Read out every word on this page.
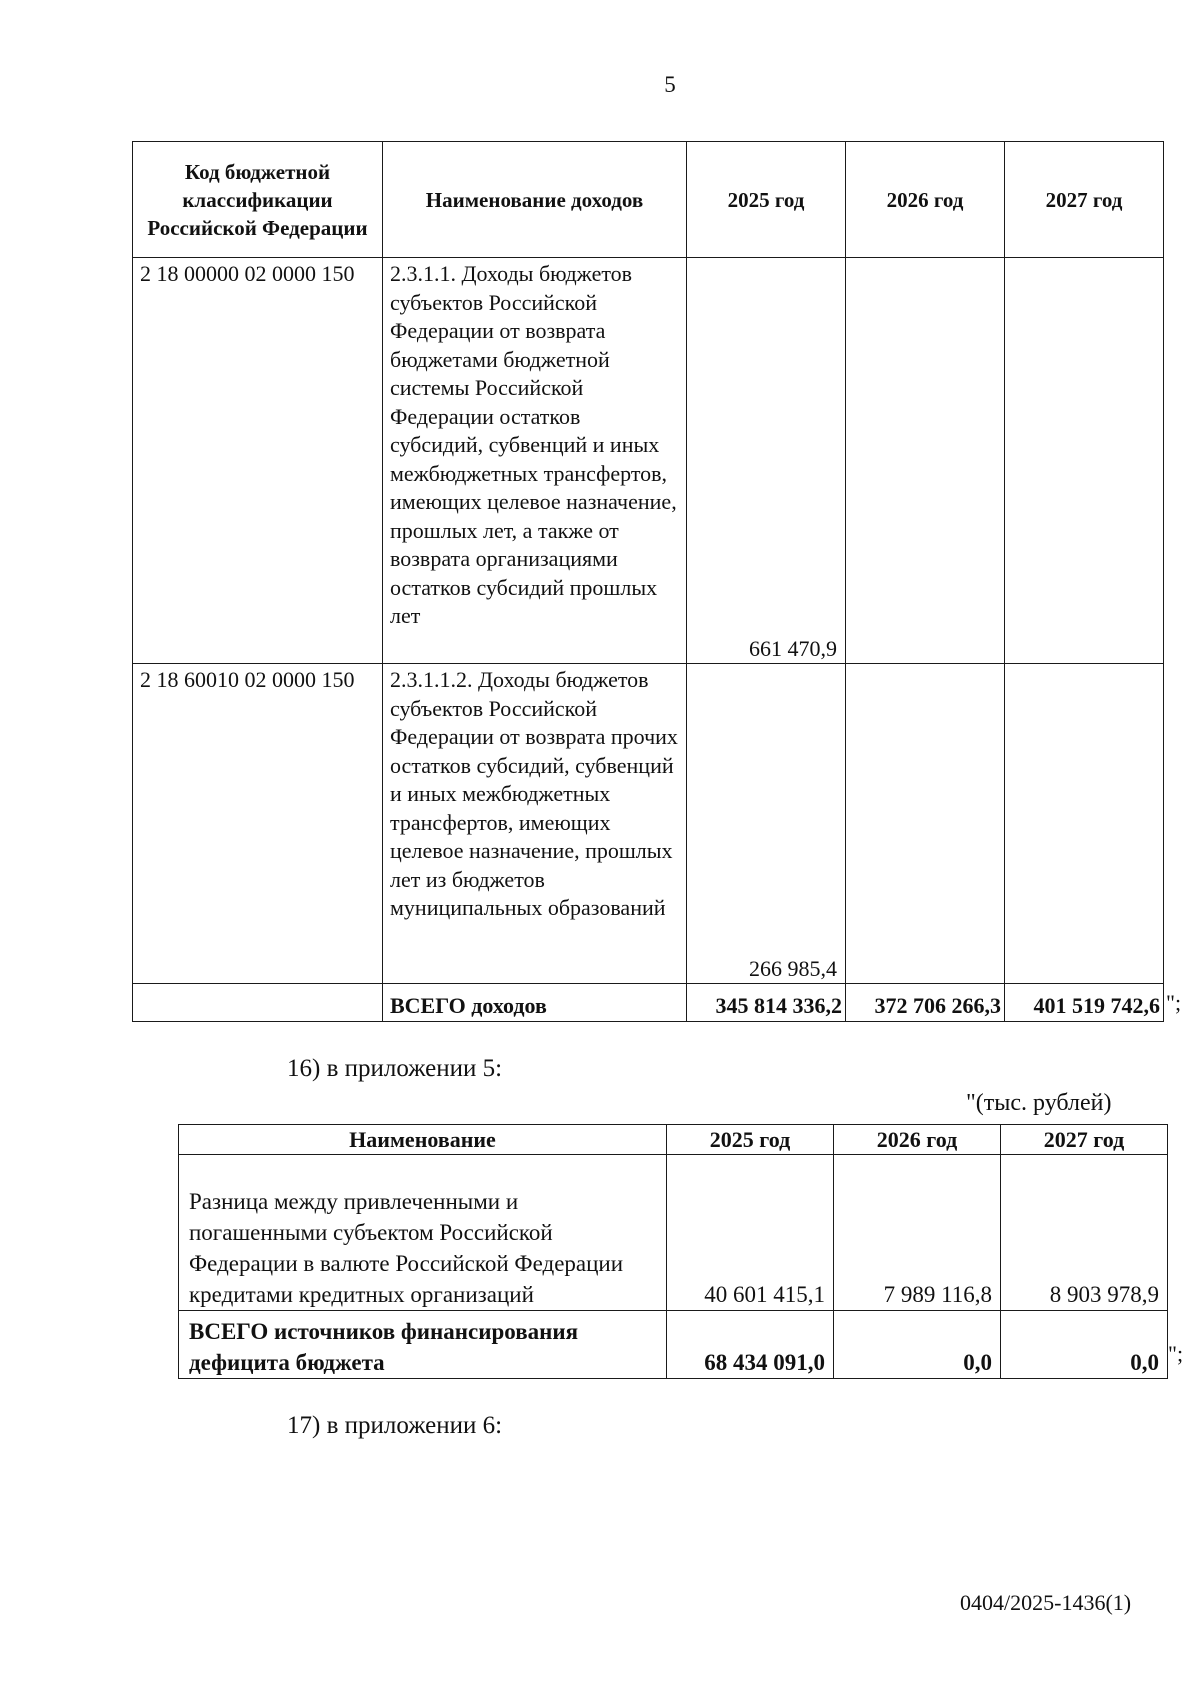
5
Код бюджетной классификации Российской Федерации	Наименование доходов	2025 год	2026 год	2027 год
2 18 00000 02 0000 150	2.3.1.1. Доходы бюджетов субъектов Российской Федерации от возврата бюджетами бюджетной системы Российской Федерации остатков субсидий, субвенций и иных межбюджетных трансфертов, имеющих целевое назначение, прошлых лет, а также от возврата организациями остатков субсидий прошлых лет	661 470,9		
2 18 60010 02 0000 150	2.3.1.1.2. Доходы бюджетов субъектов Российской Федерации от возврата прочих остатков субсидий, субвенций и иных межбюджетных трансфертов, имеющих целевое назначение, прошлых лет из бюджетов муниципальных образований	266 985,4		
	ВСЕГО доходов	345 814 336,2	372 706 266,3	401 519 742,6 ";
16) в приложении 5:
"(тыс. рублей)
Наименование	2025 год	2026 год	2027 год
Разница между привлеченными и погашенными субъектом Российской Федерации в валюте Российской Федерации кредитами кредитных организаций	40 601 415,1	7 989 116,8	8 903 978,9
ВСЕГО источников финансирования дефицита бюджета	68 434 091,0	0,0	0,0 ";
17) в приложении 6:
0404/2025-1436(1)
